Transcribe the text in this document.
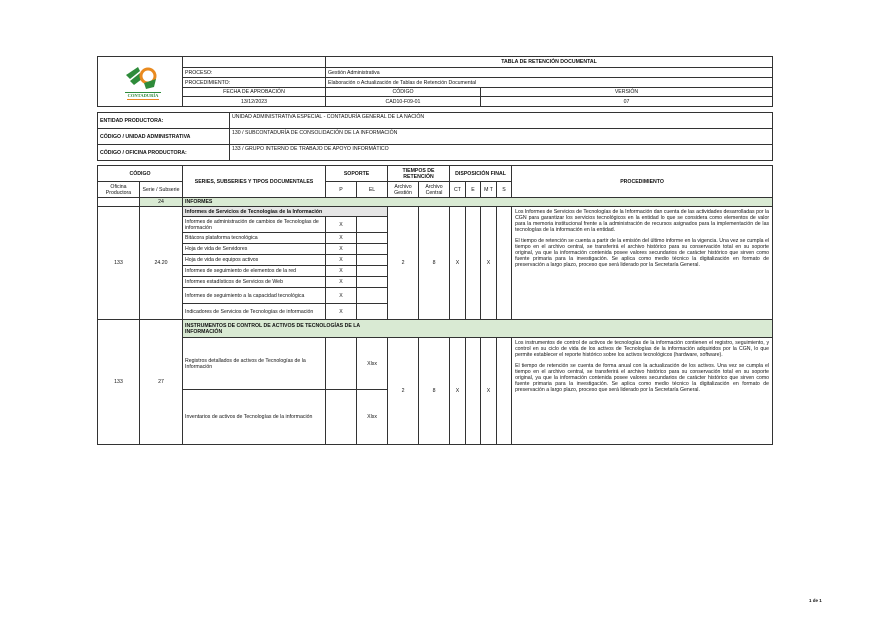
CONTADURÍA		TABLA DE RETENCIÓN DOCUMENTAL	
	PROCESO:	Gestión Administrativa	
	PROCEDIMIENTO:	Elaboración o Actualización de Tablas de Retención Documental	
	FECHA DE APROBACIÓN	CÓDIGO	VERSIÓN
	13/12/2023	CAD10-F09-01	07
ENTIDAD PRODUCTORA:	UNIDAD ADMINISTRATIVA ESPECIAL - CONTADURÍA GENERAL DE LA NACIÓN
CÓDIGO / UNIDAD ADMINISTRATIVA	130 / SUBCONTADURÍA DE CONSOLIDACIÓN DE LA INFORMACIÓN
CÓDIGO / OFICINA PRODUCTORA:	133 / GRUPO INTERNO DE TRABAJO DE APOYO INFORMÁTICO
CÓDIGO		SERIES, SUBSERIES Y TIPOS DOCUMENTALES	SOPORTE		TIEMPOS DE RETENCIÓN		DISPOSICIÓN FINAL				PROCEDIMIENTO
Oficina Productora	Serie / Subserie		P	EL	Archivo Gestión	Archivo Central	CT	E	M T	S	
	24	INFORMES									
133	24.20	Informes de Servicios de Tecnologías de la Información			2	8	X		X		Los Informes de Servicios de Tecnologías de la Información dan cuenta de las actividades desarrolladas por la CGN para garantizar los servicios tecnológicos en la entidad lo que se considera como elementos de valor para la memoria institucional frente a la administración de recursos asignados para la implementación de las tecnologías de la información en la entidad.

El tiempo de retención se cuenta a partir de la emisión del último informe en la vigencia. Una vez se cumpla el tiempo en el archivo central, se transferirá el archivo histórico para su conservación total en su soporte original, ya que la información contenida posee valores secundarios de carácter histórico que sirven como fuente primaria para la investigación. Se aplica como medio técnico la digitalización en formato de preservación a largo plazo, proceso que será liderado por la Secretaría General.

		Informes de administración de cambios de Tecnologías de información	X								
		Bitácora plataforma tecnológica	X								
		Hoja de vida de Servidores	X								
		Hoja de vida de equipos activos	X								
		Informes de seguimiento de elementos de la red	X								
		Informes estadísticos de Servicios de Web	X								
		Informes de seguimiento a la capacidad tecnológica	X								
		Indicadores de Servicios de Tecnologías de información	X								
133	27	INSTRUMENTOS DE CONTROL DE ACTIVOS DE TECNOLOGÍAS DE LA INFORMACIÓN									
		Registros detallados de activos de Tecnologías de la Información		Xlsx	2	8	X		X		Los instrumentos de control de activos de tecnologías de la información contienen el registro, seguimiento, y control en su ciclo de vida de los activos de Tecnologías de la información adquiridos por la CGN, lo que permite establecer el reporte histórico sobre los activos tecnológicos (hardware, software).

El tiempo de retención se cuenta de forma anual con la actualización de los activos. Una vez se cumpla el tiempo en el archivo central, se transferirá el archivo histórico para su conservación total en su soporte original, ya que la información contenida posee valores secundarios de carácter histórico que sirven como fuente primaria para la investigación. Se aplica como medio técnico la digitalización en formato de preservación a largo plazo, proceso que será liderado por la Secretaría General.

		Inventarios de activos de Tecnologías de la información		Xlsx							
1 de 1
